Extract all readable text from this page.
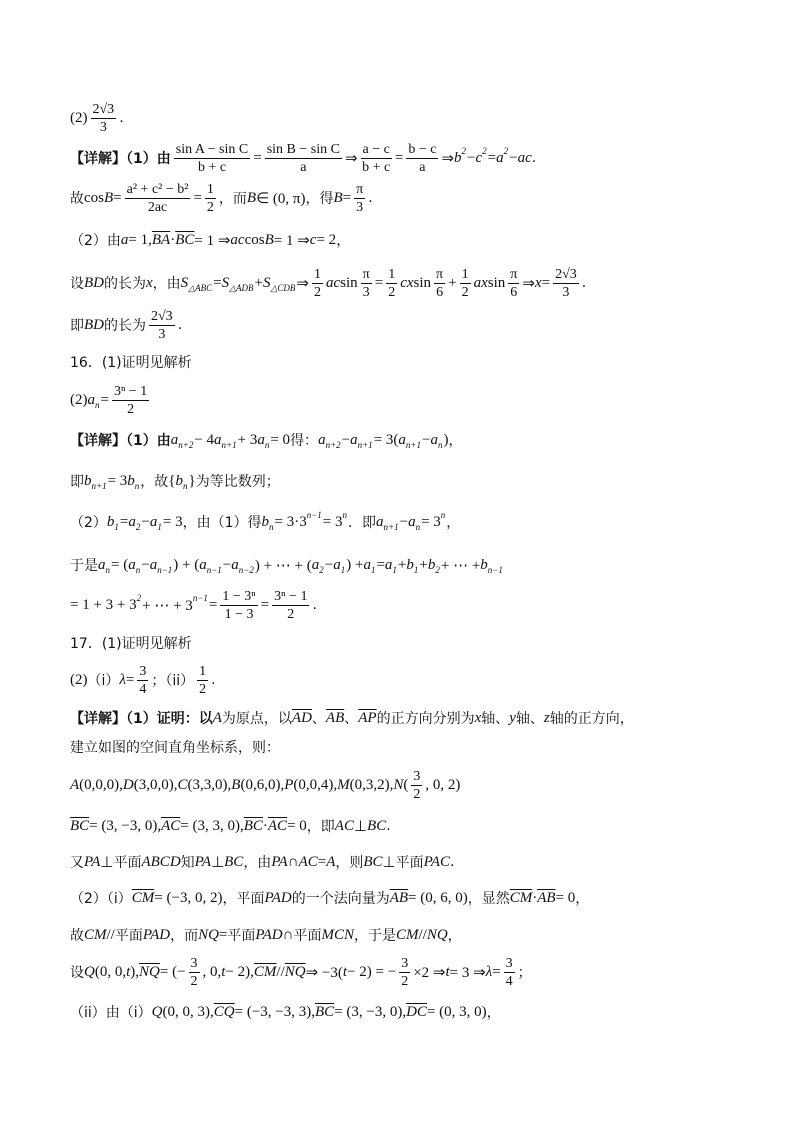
$(2) \frac{2√3}{3}$ .
【详解】（1）由 $\frac{\text{sin A − sin C}}{b + c} = \frac{\text{sin B − sin C}}{a}$ ⇒ $\frac{a - c}{b + c} = \frac{b - c}{a}$ ⇒ b 2 − c 2 = a 2 − ac .
故 $\cos B = \frac{\text{a² + c² − b²}}{2ac} = \frac{1}{2}$ ，而 B ∈ (0, π) ，得 $B = \frac{\pi}{3}$ .
（2）由 a = 1, $\overline{BA} \cdot \overline{BC} = 1$ ⇒ ac cos B = 1 ⇒ c = 2 ，
设 BD 的长为 x ，由 S △ABC = S △ADB + S △CDB ⇒ $\frac{1}{2}$ ac $\sin \frac{\pi}{3} = \frac{1}{2}$ cx $\sin \frac{\pi}{6} + \frac{1}{2}$ ax $\sin \frac{\pi}{6}$ ⇒ $x = \frac{2√3}{3}$ .
即 BD 的长为 $\frac{2√3}{3}$ .
16．(1)证明见解析
(2) a $n = \frac{\text{3ⁿ − 1}}{2}$
【详解】（1）由 a n+2 − 4 a n+1 + 3 a n = 0 得： a n+2 − a n+1 = 3( a n+1 − a n ) ，
即 b n+1 = 3 b n ，故 { b n } 为等比数列；
（2） b 1 = a 2 − a 1 = 3 ，由（1）得 b n = 3·3 n−1 = 3 n ．即 a n+1 − a n = 3 n ，
于是 a n = ( a n − a n−1 ) + ( a n−1 − a n−2 ) + ⋯ + ( a 2 − a 1 ) + a 1 = a 1 + b 1 + b 2 + ⋯ + b n−1
= 1 + 3 + 3 2 + ⋯ + 3 $n-1 = \frac{\text{1 − 3ⁿ}}{1 - 3} = \frac{\text{3ⁿ − 1}}{2}$ .
17．(1)证明见解析
(2) （i） $\lambda = \frac{3}{4}$ ；$(ii) \frac{1}{2}$ .
【详解】（1）证明：以 A 为原点，以 $\overline{AD}$ 、 $\overline{AB}$ 、 $\overline{AP}$ 的正方向分别为 x 轴、 y 轴、 z 轴的正方向，
建立如图的空间直角坐标系，则：
A (0,0,0), D (3,0,0), C (3,3,0), B (0,6,0), P (0,0,4), M (0,3,2), N ( $\frac{3}{2}$ , 0, 2)
$\overline{BC} = (3$, −3, 0), $\overline{AC} = (3$, 3, 0), $\overline{BC} \cdot \overline{AC} = 0$ ，即 AC ⊥ BC .
又 PA ⊥ 平面 ABCD 知 PA ⊥ BC ，由 PA ∩ AC = A ，则 BC ⊥ 平面 PAC .
（2）（i） $\overline{CM} = (-3$, 0, 2) ，平面 PAD 的一个法向量为 $\overline{AB} = (0$, 6, 0) ，显然 $\overline{CM} \cdot \overline{AB} = 0$ ，
故 CM // 平面 PAD ，而 NQ = 平面 PAD ∩ 平面 MCN ，于是 CM // NQ ，
设 Q (0, 0, t ), $\overline{NQ}$ = (− $\frac{3}{2}$ , 0, t − 2), $\overline{CM} // \overline{NQ}$ ⇒ −3( t − 2) = − $\frac{3}{2} \times 2$ ⇒ t = 3 ⇒ $\lambda = \frac{3}{4}$ ；
（ii）由（i） Q (0, 0, 3), $\overline{CQ} = (-3$, −3, 3), $\overline{BC} = (3$, −3, 0), $\overline{DC} = (0$, 3, 0) ，
